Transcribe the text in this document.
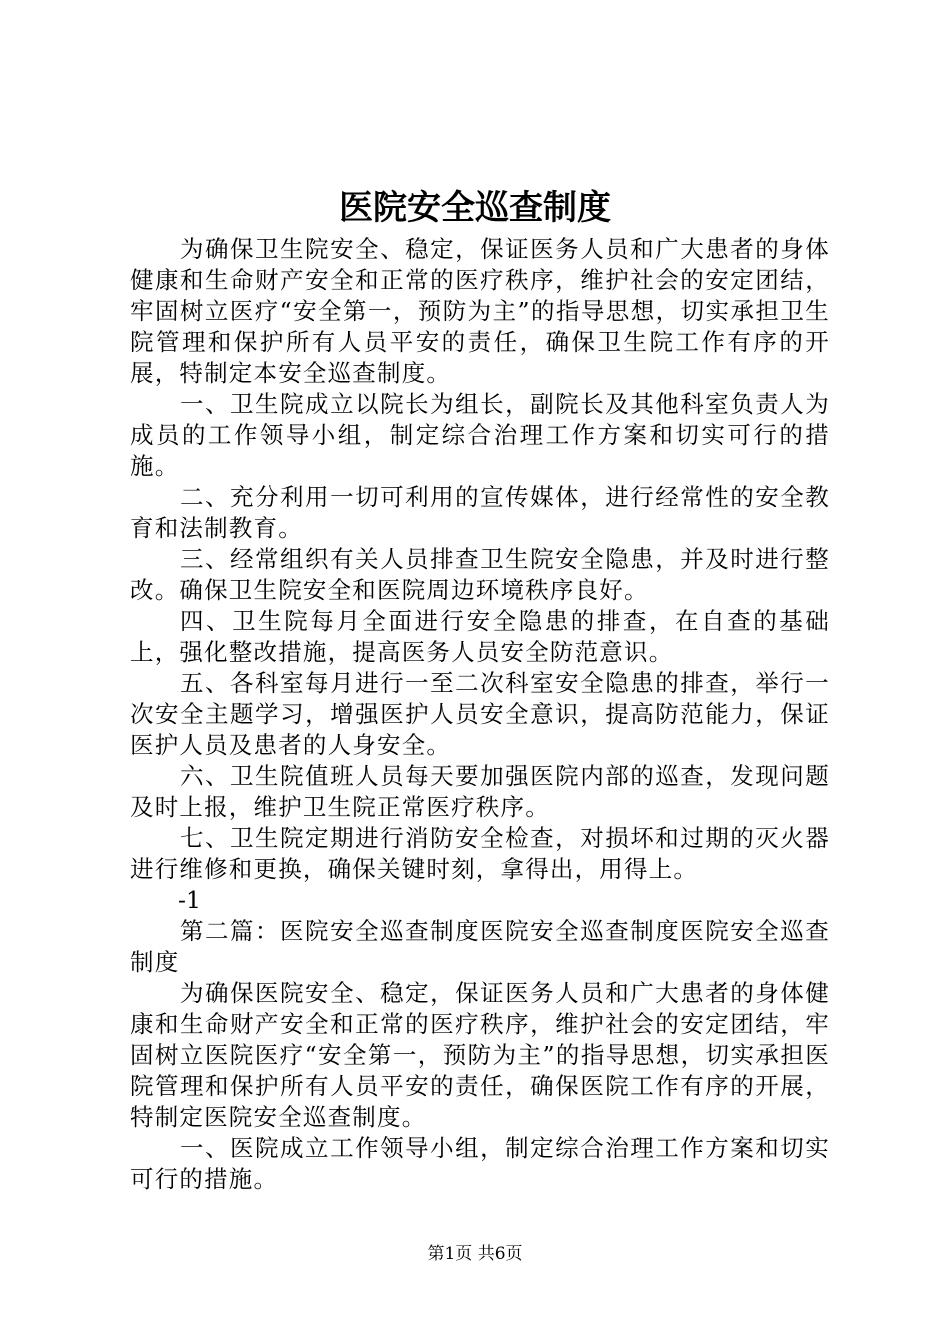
医院安全巡查制度

为确保卫生院安全、稳定，保证医务人员和广大患者的身体健康和生命财产安全和正常的医疗秩序，维护社会的安定团结，牢固树立医疗“安全第一，预防为主”的指导思想，切实承担卫生院管理和保护所有人员平安的责任，确保卫生院工作有序的开展，特制定本安全巡查制度。

一、卫生院成立以院长为组长，副院长及其他科室负责人为成员的工作领导小组，制定综合治理工作方案和切实可行的措施。

二、充分利用一切可利用的宣传媒体，进行经常性的安全教育和法制教育。

三、经常组织有关人员排查卫生院安全隐患，并及时进行整改。确保卫生院安全和医院周边环境秩序良好。

四、卫生院每月全面进行安全隐患的排查，在自查的基础上，强化整改措施，提高医务人员安全防范意识。

五、各科室每月进行一至二次科室安全隐患的排查，举行一次安全主题学习，增强医护人员安全意识，提高防范能力，保证医护人员及患者的人身安全。

六、卫生院值班人员每天要加强医院内部的巡查，发现问题及时上报，维护卫生院正常医疗秩序。

七、卫生院定期进行消防安全检查，对损坏和过期的灭火器进行维修和更换，确保关键时刻，拿得出，用得上。

-1

第二篇：医院安全巡查制度医院安全巡查制度医院安全巡查制度

为确保医院安全、稳定，保证医务人员和广大患者的身体健康和生命财产安全和正常的医疗秩序，维护社会的安定团结，牢固树立医院医疗“安全第一，预防为主”的指导思想，切实承担医院管理和保护所有人员平安的责任，确保医院工作有序的开展，特制定医院安全巡查制度。

一、医院成立工作领导小组，制定综合治理工作方案和切实可行的措施。

第1页 共6页
